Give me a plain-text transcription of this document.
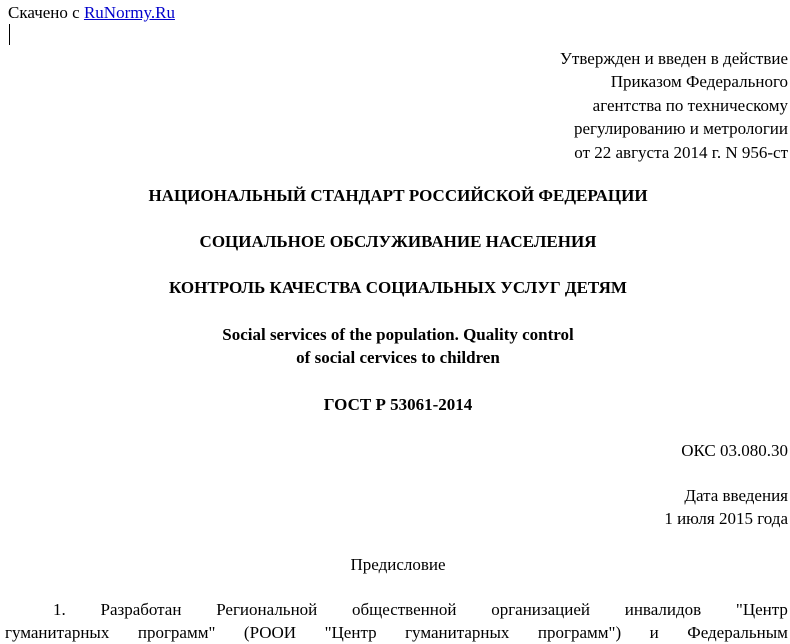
Скачено с RuNormy.Ru
Утвержден и введен в действие
Приказом Федерального
агентства по техническому
регулированию и метрологии
от 22 августа 2014 г. N 956-ст
НАЦИОНАЛЬНЫЙ СТАНДАРТ РОССИЙСКОЙ ФЕДЕРАЦИИ
СОЦИАЛЬНОЕ ОБСЛУЖИВАНИЕ НАСЕЛЕНИЯ
КОНТРОЛЬ КАЧЕСТВА СОЦИАЛЬНЫХ УСЛУГ ДЕТЯМ
Social services of the population. Quality control
of social cervices to children
ГОСТ Р 53061-2014
ОКС 03.080.30
Дата введения
1 июля 2015 года
Предисловие
1. Разработан Региональной общественной организацией инвалидов "Центр
гуманитарных программ" (РООИ "Центр гуманитарных программ") и Федеральным
